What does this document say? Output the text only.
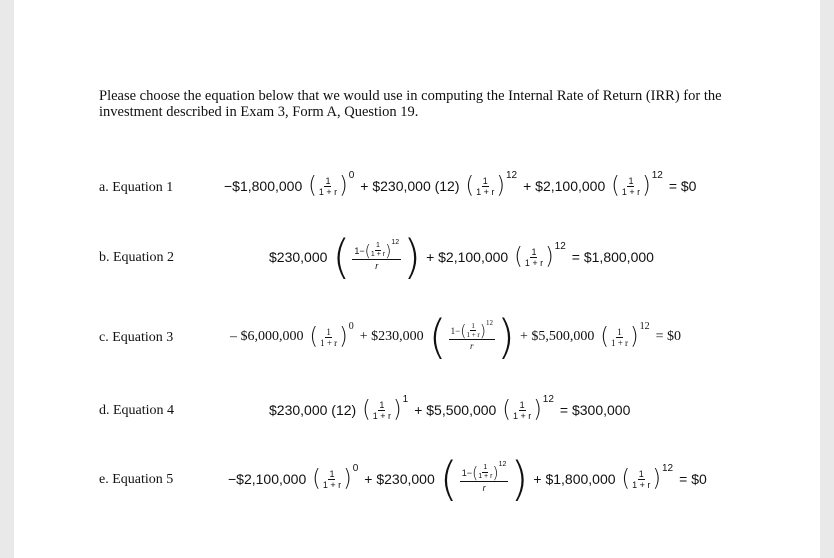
Please choose the equation below that we would use in computing the Internal Rate of Return (IRR) for the investment described in Exam 3, Form A, Question 19.
a. Equation 1	−$1,800,000 ( $\frac{1}{1 + r}$ ) 0
+ $230,000 (12) ( $\frac{1}{1 + r}$ ) 12
+ $2,100,000 ( $\frac{1}{1 + r}$ ) 12
= $0
b. Equation 2	$230,000 ( 1− ( 1
1 + r ) 12
r ) + $2,100,000 ( $\frac{1}{1 + r}$ ) 12
= $1,800,000
c. Equation 3	– $6,000,000 ( $\frac{1}{1 + r}$ ) 0
+ $230,000 ( 1− ( 1
1 + r ) 12
r ) + $5,500,000 ( $\frac{1}{1 + r}$ ) 12
= $0
d. Equation 4	$230,000 (12) ( $\frac{1}{1 + r}$ ) 1
+ $5,500,000 ( $\frac{1}{1 + r}$ ) 12
= $300,000
e. Equation 5	−$2,100,000 ( $\frac{1}{1 + r}$ ) 0
+ $230,000 ( 1− ( 1
1 + r ) 12
r ) + $1,800,000 ( $\frac{1}{1 + r}$ ) 12
= $0
